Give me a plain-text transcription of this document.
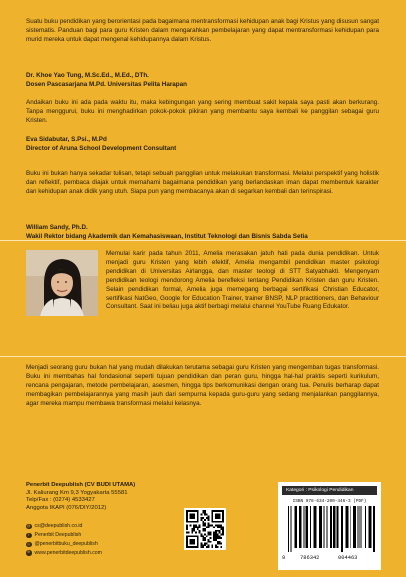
Suatu buku pendidikan yang berorientasi pada bagaimana mentransformasi kehidupan anak bagi Kristus yang disusun sangat sistematis. Panduan bagi para guru Kristen dalam mengarahkan pembelajaran yang dapat mentransformasi kehidupan para murid mereka untuk dapat mengenal kehidupannya dalam Kristus.

Dr. Khoe Yao Tung, M.Sc.Ed., M.Ed., DTh.
Dosen Pascasarjana M.Pd. Universitas Pelita Harapan

Andaikan buku ini ada pada waktu itu, maka kebingungan yang sering membuat sakit kepala saya pasti akan berkurang. Tanpa menggurui, buku ini menghadirkan pokok-pokok pikiran yang membantu saya kembali ke panggilan sebagai guru Kristen.

Eva Sidabutar, S.Psi., M.Pd
Director of Aruna School Development Consultant

Buku ini bukan hanya sekadar tulisan, tetapi sebuah panggilan untuk melakukan transformasi. Melalui perspektif yang holistik dan reflektif, pembaca diajak untuk memahami bagaimana pendidikan yang berlandaskan iman dapat membentuk karakter dan kehidupan anak didik yang utuh. Siapa pun yang membacanya akan di segarkan kembali dan terinspirasi.

William Sandy, Ph.D.
Wakil Rektor bidang Akademik dan Kemahasiswaan, Institut Teknologi dan Bisnis Sabda Setia
Memulai karir pada tahun 2011, Amelia merasakan jatuh hati pada dunia pendidikan. Untuk menjadi guru Kristen yang lebih efektif, Amelia mengambil pendidikan master psikologi pendidikan di Universitas Airlangga, dan master teologi di STT Satyabhakti. Mengenyam pendidikan teologi mendorong Amelia berefleksi tentang Pendidikan Kristen dan guru Kristen. Selain pendidikan formal, Amelia juga memegang berbagai sertifikasi Christian Educator, sertifikasi NatGeo, Google for Education Trainer, trainer BNSP, NLP practitioners, dan Behaviour Consultant. Saat ini beliau juga aktif berbagi melalui channel YouTube Ruang Edukator.

Menjadi seorang guru bukan hal yang mudah dilakukan terutama sebagai guru Kristen yang mengemban tugas transformasi. Buku ini membahas hal fondasional seperti tujuan pendidikan dan peran guru, hingga hal-hal praktis seperti kurikulum, rencana pengajaran, metode pembelajaran, asesmen, hingga tips berkomunikasi dengan orang tua. Penulis berharap dapat membagikan pembelajarannya yang masih jauh dari sempurna kepada guru-guru yang sedang menjalankan panggilannya, agar mereka mampu membawa transformasi melalui kelasnya.

Penerbit Deepublish (CV BUDI UTAMA)
Jl. Kaliurang Km 9,3 Yogyakarta 55581
Telp/Fax : (0274) 4533427
Anggota IKAPI (076/DIY/2012)
@ cs@deepublish.co.id
f	Penerbit Deepublish
◎ @penerbitbuku_deepublish
⊕ www.penerbitdeepublish.com
Kategori : Psikologi Pendidikan
ISBN 978-634-200-446-3 (PDF)
9	786342	004463
